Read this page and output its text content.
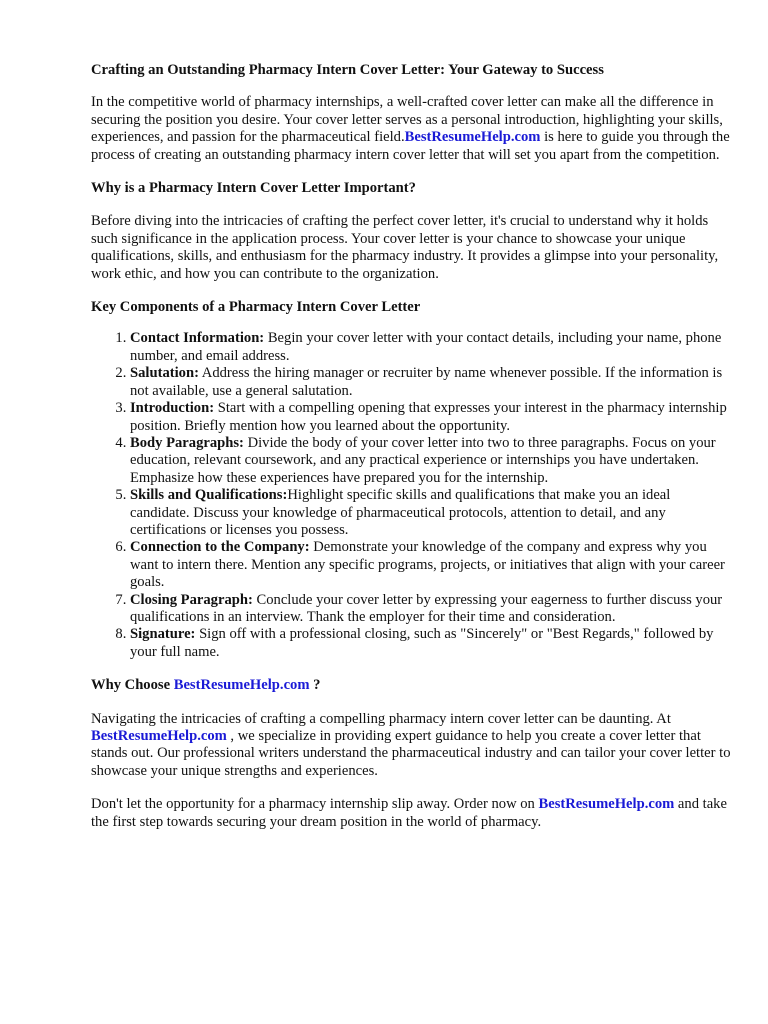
Crafting an Outstanding Pharmacy Intern Cover Letter: Your Gateway to Success

In the competitive world of pharmacy internships, a well-crafted cover letter can make all the difference in securing the position you desire. Your cover letter serves as a personal introduction, highlighting your skills, experiences, and passion for the pharmaceutical field.BestResumeHelp.com is here to guide you through the process of creating an outstanding pharmacy intern cover letter that will set you apart from the competition.

Why is a Pharmacy Intern Cover Letter Important?

Before diving into the intricacies of crafting the perfect cover letter, it's crucial to understand why it holds such significance in the application process. Your cover letter is your chance to showcase your unique qualifications, skills, and enthusiasm for the pharmacy industry. It provides a glimpse into your personality, work ethic, and how you can contribute to the organization.

Key Components of a Pharmacy Intern Cover Letter
1. Contact Information: Begin your cover letter with your contact details, including your name, phone number, and email address.
2. Salutation: Address the hiring manager or recruiter by name whenever possible. If the information is not available, use a general salutation.
3. Introduction: Start with a compelling opening that expresses your interest in the pharmacy internship position. Briefly mention how you learned about the opportunity.
4. Body Paragraphs: Divide the body of your cover letter into two to three paragraphs. Focus on your education, relevant coursework, and any practical experience or internships you have undertaken. Emphasize how these experiences have prepared you for the internship.
5. Skills and Qualifications:Highlight specific skills and qualifications that make you an ideal candidate. Discuss your knowledge of pharmaceutical protocols, attention to detail, and any certifications or licenses you possess.
6. Connection to the Company: Demonstrate your knowledge of the company and express why you want to intern there. Mention any specific programs, projects, or initiatives that align with your career goals.
7. Closing Paragraph: Conclude your cover letter by expressing your eagerness to further discuss your qualifications in an interview. Thank the employer for their time and consideration.
8. Signature: Sign off with a professional closing, such as "Sincerely" or "Best Regards," followed by your full name.
Why Choose BestResumeHelp.com ?

Navigating the intricacies of crafting a compelling pharmacy intern cover letter can be daunting. At BestResumeHelp.com , we specialize in providing expert guidance to help you create a cover letter that stands out. Our professional writers understand the pharmaceutical industry and can tailor your cover letter to showcase your unique strengths and experiences.

Don't let the opportunity for a pharmacy internship slip away. Order now on BestResumeHelp.com and take the first step towards securing your dream position in the world of pharmacy.
